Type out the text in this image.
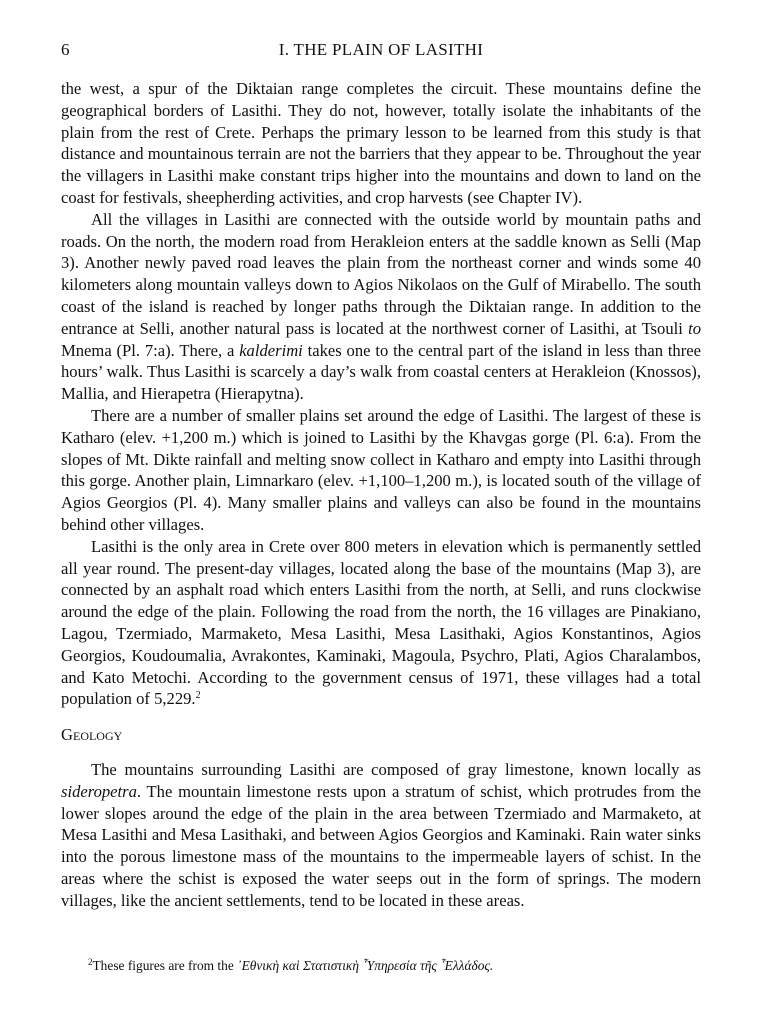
6	I. THE PLAIN OF LASITHI

the west, a spur of the Diktaian range completes the circuit. These mountains define the geographical borders of Lasithi. They do not, however, totally isolate the inhabitants of the plain from the rest of Crete. Perhaps the primary lesson to be learned from this study is that distance and mountainous terrain are not the barriers that they appear to be. Throughout the year the villagers in Lasithi make constant trips higher into the mountains and down to land on the coast for festivals, sheepherding activities, and crop harvests (see Chapter IV).

All the villages in Lasithi are connected with the outside world by mountain paths and roads. On the north, the modern road from Herakleion enters at the saddle known as Selli (Map 3). Another newly paved road leaves the plain from the northeast corner and winds some 40 kilometers along mountain valleys down to Agios Nikolaos on the Gulf of Mirabello. The south coast of the island is reached by longer paths through the Diktaian range. In addition to the entrance at Selli, another natural pass is located at the northwest corner of Lasithi, at Tsouli to Mnema (Pl. 7:a). There, a kalderimi takes one to the central part of the island in less than three hours’ walk. Thus Lasithi is scarcely a day’s walk from coastal centers at Herakleion (Knossos), Mallia, and Hierapetra (Hierapytna).

There are a number of smaller plains set around the edge of Lasithi. The largest of these is Katharo (elev. +1,200 m.) which is joined to Lasithi by the Khavgas gorge (Pl. 6:a). From the slopes of Mt. Dikte rainfall and melting snow collect in Katharo and empty into Lasithi through this gorge. Another plain, Limnarkaro (elev. +1,100–1,200 m.), is located south of the village of Agios Georgios (Pl. 4). Many smaller plains and valleys can also be found in the mountains behind other villages.

Lasithi is the only area in Crete over 800 meters in elevation which is permanently settled all year round. The present-day villages, located along the base of the mountains (Map 3), are connected by an asphalt road which enters Lasithi from the north, at Selli, and runs clockwise around the edge of the plain. Following the road from the north, the 16 villages are Pinakiano, Lagou, Tzermiado, Marmaketo, Mesa Lasithi, Mesa Lasithaki, Agios Konstantinos, Agios Georgios, Koudoumalia, Avrakontes, Kaminaki, Magoula, Psychro, Plati, Agios Charalambos, and Kato Metochi. According to the government census of 1971, these villages had a total population of 5,229.$^2$

Geology

The mountains surrounding Lasithi are composed of gray limestone, known locally as sideropetra. The mountain limestone rests upon a stratum of schist, which protrudes from the lower slopes around the edge of the plain in the area between Tzermiado and Marmaketo, at Mesa Lasithi and Mesa Lasithaki, and between Agios Georgios and Kaminaki. Rain water sinks into the porous limestone mass of the mountains to the impermeable layers of schist. In the areas where the schist is exposed the water seeps out in the form of springs. The modern villages, like the ancient settlements, tend to be located in these areas.

$^2$These figures are from the ᾿Εθνικὴ καὶ Στατιστικὴ ῟Υπηρεσία τῆς ῟Ελλάδος.
